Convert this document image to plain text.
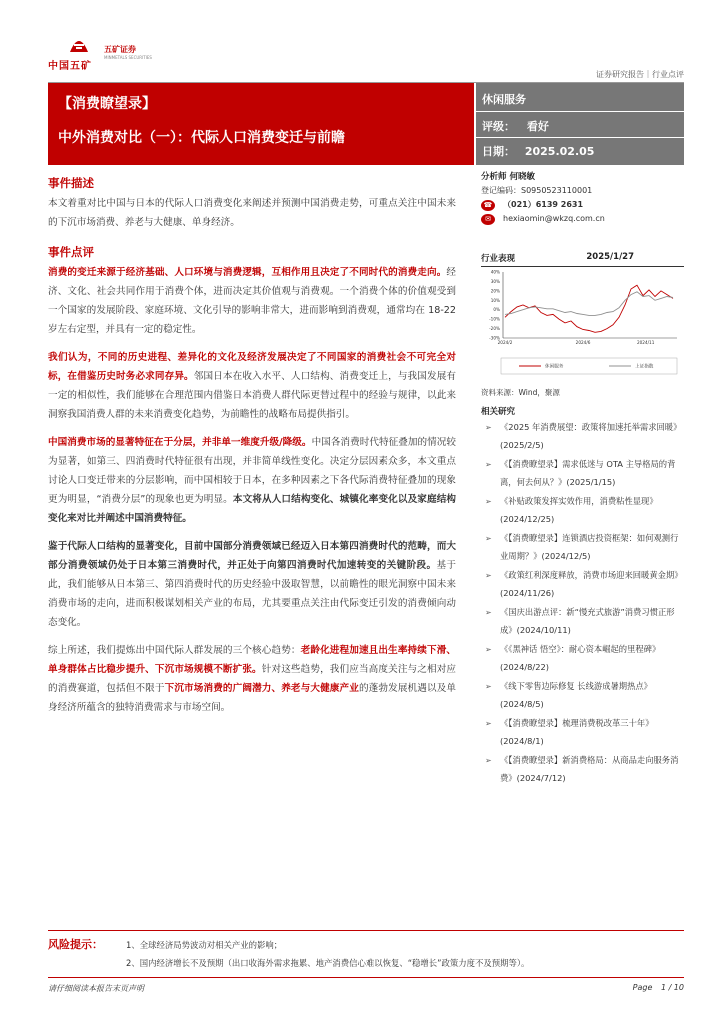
中国五矿
五矿证券
MINMETALS SECURITIES
证券研究报告｜行业点评
【消费瞭望录】
中外消费对比（一）：代际人口消费变迁与前瞻
休闲服务
评级： 看好
日期： 2025.02.05
事件描述

本文着重对比中国与日本的代际人口消费变化来阐述并预测中国消费走势，可重点关注中国未来的下沉市场消费、养老与大健康、单身经济。

事件点评

消费的变迁来源于经济基础、人口环境与消费逻辑，互相作用且决定了不同时代的消费走向。经济、文化、社会共同作用于消费个体，进而决定其价值观与消费观。一个消费个体的价值观受到一个国家的发展阶段、家庭环境、文化引导的影响非常大，进而影响到消费观，通常均在 18-22 岁左右定型，并具有一定的稳定性。

我们认为，不同的历史进程、差异化的文化及经济发展决定了不同国家的消费社会不可完全对标，在借鉴历史时务必求同存异。邻国日本在收入水平、人口结构、消费变迁上，与我国发展有一定的相似性，我们能够在合理范围内借鉴日本消费人群代际更替过程中的经验与规律，以此来洞察我国消费人群的未来消费变化趋势，为前瞻性的战略布局提供指引。

中国消费市场的显著特征在于分层，并非单一维度升级/降级。中国各消费时代特征叠加的情况较为显著，如第三、四消费时代特征很有出现，并非简单线性变化。决定分层因素众多，本文重点讨论人口变迁带来的分层影响，而中国相较于日本，在多种因素之下各代际消费特征叠加的现象更为明显，“消费分层”的现象也更为明显。本文将从人口结构变化、城镇化率变化以及家庭结构变化来对比并阐述中国消费特征。

鉴于代际人口结构的显著变化，目前中国部分消费领域已经迈入日本第四消费时代的范畴，而大部分消费领域仍处于日本第三消费时代，并正处于向第四消费时代加速转变的关键阶段。基于此，我们能够从日本第三、第四消费时代的历史经验中汲取智慧，以前瞻性的眼光洞察中国未来消费市场的走向，进而积极谋划相关产业的布局，尤其要重点关注由代际变迁引发的消费倾向动态变化。

综上所述，我们提炼出中国代际人群发展的三个核心趋势：老龄化进程加速且出生率持续下滑、单身群体占比稳步提升、下沉市场规模不断扩张。针对这些趋势，我们应当高度关注与之相对应的消费赛道，包括但不限于下沉市场消费的广阔潜力、养老与大健康产业的蓬勃发展机遇以及单身经济所蕴含的独特消费需求与市场空间。

分析师 何晓敏
登记编码：S0950523110001
☎	（021）6139 2631
✉	hexiaomin@wkzq.com.cn
行业表现	2025/1/27
40%
30%
20%
10%
0%
-10%
-20%
-30%
2024/2	2024/6	2024/11
休闲服务	上证指数
资料来源：Wind，聚源
相关研究
➢ 《2025 年消费展望：政策将加速托举需求回暖》(2025/2/5)
➢ 《【消费瞭望录】需求低迷与 OTA 主导格局的背离，何去何从？》(2025/1/15)
➢ 《补贴政策发挥实效作用，消费粘性显现》(2024/12/25)
➢ 《【消费瞭望录】连锁酒店投资框架：如何观测行业周期？》(2024/12/5)
➢ 《政策红利深度释放，消费市场迎来回暖黄金期》(2024/11/26)
➢ 《国庆出游点评：新“慢充式旅游”消费习惯正形成》(2024/10/11)
➢ 《《黑神话 悟空》：耐心资本崛起的里程碑》(2024/8/22)
➢ 《线下零售边际修复 长线游成暑期热点》(2024/8/5)
➢ 《【消费瞭望录】梳理消费税改革三十年》(2024/8/1)
➢ 《【消费瞭望录】新消费格局：从商品走向服务消费》(2024/7/12)
风险提示：	1、全球经济局势波动对相关产业的影响；
2、国内经济增长不及预期（出口收海外需求拖累、地产消费信心难以恢复、“稳增长”政策力度不及预期等）。
请仔细阅读本报告末页声明	Page 1 / 10
